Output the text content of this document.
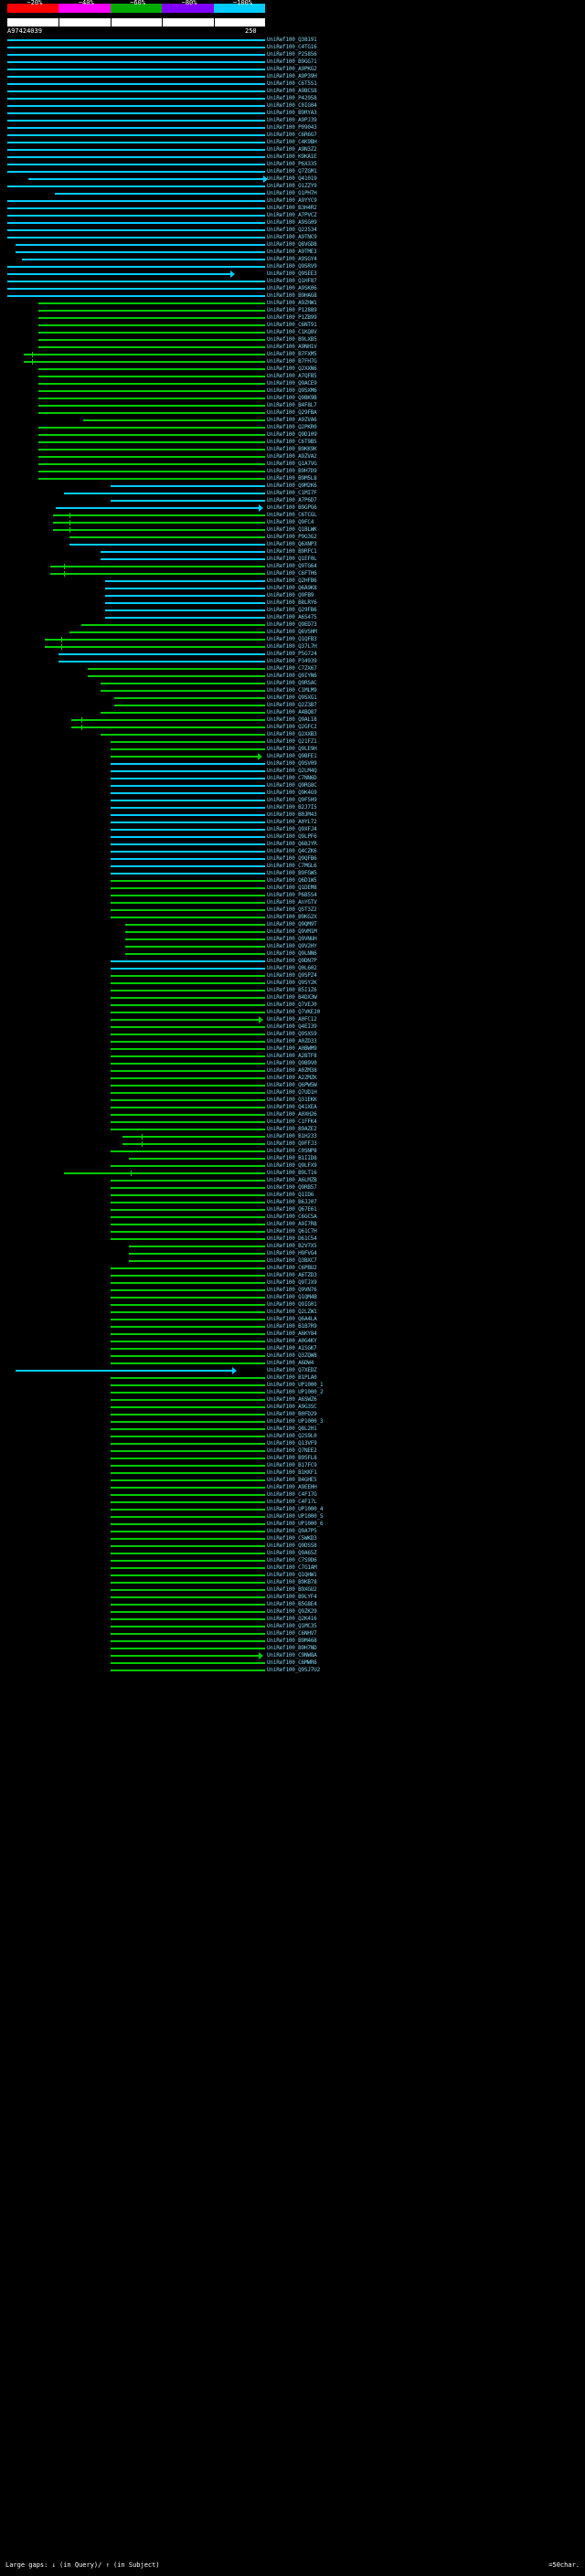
~20%	~40%	~60%	~80%	~100%
A97424039	250
UniRef100_Q38191
UniRef100_C4TG16
UniRef100_P25856
UniRef100_B9GG71
UniRef100_A9PKG2
UniRef100_A9P39H
UniRef100_C6T5S1
UniRef100_A9BCS8
UniRef100_P42958
UniRef100_C0IG04
UniRef100_B9RYA3
UniRef100_A9PJ39
UniRef100_P09043
UniRef100_C6R6G7
UniRef100_C4K9BH
UniRef100_A9N3Z2
UniRef100_K9KA1E
UniRef100_P6X335
UniRef100_Q7ZGM1
UniRef100_Q41019
UniRef100_O1ZZY9
UniRef100_O1PH7H
UniRef100_A9YYC9
UniRef100_B3H4R2
UniRef100_A7PVCZ
UniRef100_A9SG09
UniRef100_Q22534
UniRef100_A9TNC9
UniRef100_Q8VGD8
UniRef100_A9TME3
UniRef100_A9SGY4
UniRef100_Q9SRV9
UniRef100_Q9SEE3
UniRef100_Q1HF87
UniRef100_A9SK06
UniRef100_B9HAG8
UniRef100_A9ZHW1
UniRef100_P12889
UniRef100_P1ZB99
UniRef100_C6NT91
UniRef100_C1KQ8V
UniRef100_B9LXB5
UniRef100_A9NH1V
UniRef100_B7FXM5
UniRef100_B7FH7G
UniRef100_Q2XXN6
UniRef100_A7QFB5
UniRef100_Q9ACE9
UniRef100_Q9SXM6
UniRef100_Q9BK9B
UniRef100_B4F8L7
UniRef100_Q29FBA
UniRef100_A9ZVA6
UniRef100_Q2PKR0
UniRef100_Q9D109
UniRef100_C6T9B5
UniRef100_B9KK9K
UniRef100_A9ZVA2
UniRef100_Q1A7VG
UniRef100_B9H7D9
UniRef100_B9M5L8
UniRef100_Q9M2K6
UniRef100_C1MI7F
UniRef100_A7P6D7
UniRef100_B9GPG6
UniRef100_C6TCGL
UniRef100_Q9FC4
UniRef100_Q1BLWK
UniRef100_P9G3G2
UniRef100_Q6XNP3
UniRef100_B9RFC1
UniRef100_Q1EF0L
UniRef100_Q9TG64
UniRef100_C6FTH6
UniRef100_Q2HFB6
UniRef100_Q6A9K8
UniRef100_Q9FB9
UniRef100_B8LRY6
UniRef100_Q29FB6
UniRef100_A6S475
UniRef100_Q9ED73
UniRef100_Q6VSHM
UniRef100_Q1QFB3
UniRef100_Q37L7H
UniRef100_P5G724
UniRef100_P34939
UniRef100_C7ZX67
UniRef100_Q9IYN6
UniRef100_Q9RSAC
UniRef100_C1MLM9
UniRef100_Q9SXG1
UniRef100_Q2Z3B7
UniRef100_A4BQ87
UniRef100_Q9AL18
UniRef100_Q2GFC2
UniRef100_Q2XXB3
UniRef100_Q21FZ1
UniRef100_Q9LE9H
UniRef100_Q9BFE1
UniRef100_Q9SV09
UniRef100_Q2LM4Q
UniRef100_C7NN6D
UniRef100_Q9RG8C
UniRef100_Q9K4G9
UniRef100_Q9F5H9
UniRef100_B2J7I5
UniRef100_B0JM43
UniRef100_A0YL72
UniRef100_Q9XFJ4
UniRef100_Q9LPF6
UniRef100_Q6BJYR
UniRef100_Q4CZK6
UniRef100_Q9QFB6
UniRef100_C7MGL6
UniRef100_B9FGW5
UniRef100_Q6D1W5
UniRef100_Q1DEM8
UniRef100_P6B5S4
UniRef100_AnYGTV
UniRef100_Q5T3Z2
UniRef100_B9KG2X
UniRef100_Q9QM9T
UniRef100_Q9VM1M
UniRef100_Q9VNUH
UniRef100_Q9V2HY
UniRef100_Q9LNN6
UniRef100_Q9DN7P
UniRef100_Q0L602
UniRef100_Q9SPZ4
UniRef100_Q9SY2K
UniRef100_B5I1Z6
UniRef100_B4DX3W
UniRef100_Q7VEJ0
UniRef100_Q7VKEJ0
UniRef100_A0FC12
UniRef100_Q4EI39
UniRef100_Q9SXS9
UniRef100_A0ZD33
UniRef100_A0BWM9
UniRef100_A2BTF8
UniRef100_Q9B9V0
UniRef100_A0ZM38
UniRef100_A2ZMZK
UniRef100_Q6PW5W
UniRef100_Q7UD1H
UniRef100_Q31EKK
UniRef100_Q41XEA
UniRef100_A0XH26
UniRef100_C1FFK4
UniRef100_B9AZE2
UniRef100_B1H233
UniRef100_Q9FFJ3
UniRef100_C0SNP8
UniRef100_B1IID8
UniRef100_Q9LFX9
UniRef100_B9LT16
UniRef100_A6LMZB
UniRef100_Q9RB57
UniRef100_Q1ID6
UniRef100_B6JJ07
UniRef100_Q67E61
UniRef100_C6GC5A
UniRef100_A9I7R8
UniRef100_Q61C7H
UniRef100_D61C54
UniRef100_B2V7X5
UniRef100_H9FVG4
UniRef100_Q3BXC7
UniRef100_C6PBU2
UniRef100_A6TZD3
UniRef100_Q9TJX9
UniRef100_Q9VN76
UniRef100_Q1QM4B
UniRef100_Q9IG01
UniRef100_Q2LZW1
UniRef100_Q6A4LA
UniRef100_B1B7R9
UniRef100_A6KY84
UniRef100_A0G4KY
UniRef100_A1SGK7
UniRef100_Q3ZQW8
UniRef100_A6DW4
UniRef100_Q7XEDZ
UniRef100_B1PLA0
UniRef100_UP1000_1
UniRef100_UP1000_2
UniRef100_A6SWZ6
UniRef100_A9G3SC
UniRef100_B0FD29
UniRef100_UP1000_3
UniRef100_Q8L2H1
UniRef100_Q2S9L0
UniRef100_Q13VF9
UniRef100_Q7NEE2
UniRef100_B9SFL8
UniRef100_B17FC9
UniRef100_B1KKF1
UniRef100_B4GHE5
UniRef100_A9EEHH
UniRef100_C4F17G
UniRef100_C4F17L
UniRef100_UP1000_4
UniRef100_UP1000_5
UniRef100_UP1000_6
UniRef100_Q9A7P5
UniRef100_C5WKD3
UniRef100_Q9DSS8
UniRef100_Q9A65Z
UniRef100_C7S9D6
UniRef100_C7G1AM
UniRef100_Q1QHW1
UniRef100_B9KB78
UniRef100_B9XGU2
UniRef100_B9LYF4
UniRef100_B5G8E4
UniRef100_Q9ZK29
UniRef100_Q2K416
UniRef100_Q1MC35
UniRef100_C6NHV7
UniRef100_B9M468
UniRef100_B9H7ND
UniRef100_C9NW8A
UniRef100_C6MWR6
UniRef100_Q9SJ7U2
Large gaps: ↓ (in Query)/ ↑ (in Subject)	=50char.
